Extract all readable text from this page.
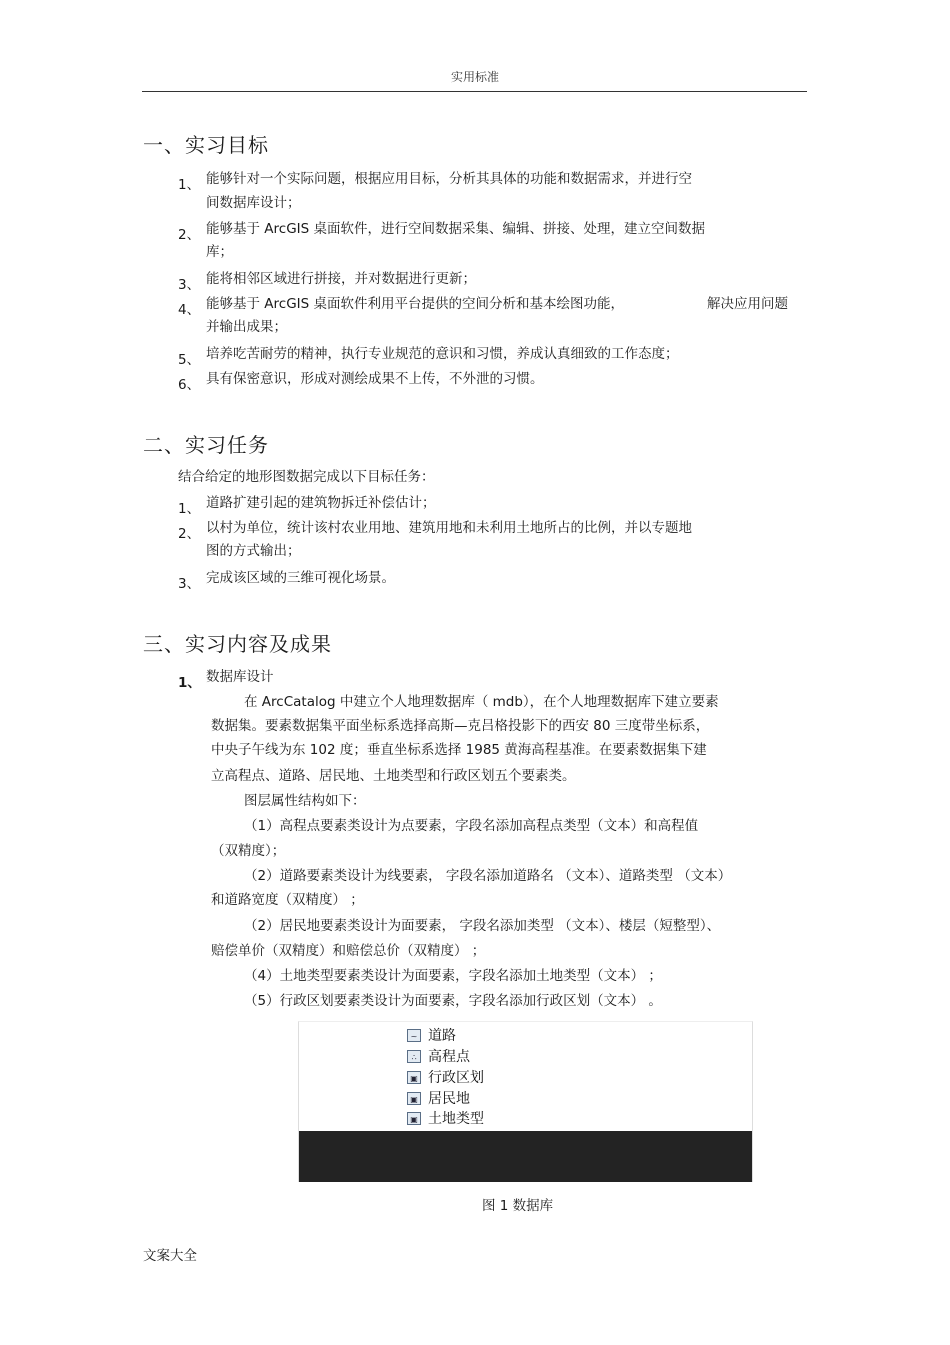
实用标准
一、实习目标
1、 能够针对一个实际问题，根据应用目标，分析其具体的功能和数据需求，并进行空
间数据库设计；
2、 能够基于 ArcGIS 桌面软件，进行空间数据采集、编辑、拼接、处理，建立空间数据
库；
3、 能将相邻区域进行拼接，并对数据进行更新；
4、 能够基于 ArcGIS 桌面软件利用平台提供的空间分析和基本绘图功能，	解决应用问题
并输出成果；
5、 培养吃苦耐劳的精神，执行专业规范的意识和习惯，养成认真细致的工作态度；
6、 具有保密意识，形成对测绘成果不上传，不外泄的习惯。
二、实习任务
结合给定的地形图数据完成以下目标任务：
1、 道路扩建引起的建筑物拆迁补偿估计；
2、 以村为单位，统计该村农业用地、建筑用地和未利用土地所占的比例，并以专题地
图的方式输出；
3、 完成该区域的三维可视化场景。
三、实习内容及成果
1、 数据库设计
在 ArcCatalog 中建立个人地理数据库（ mdb），在个人地理数据库下建立要素
数据集。要素数据集平面坐标系选择高斯—克吕格投影下的西安 80 三度带坐标系，
中央子午线为东 102 度；垂直坐标系选择 1985 黄海高程基准。在要素数据集下建
立高程点、道路、居民地、土地类型和行政区划五个要素类。
图层属性结构如下：
（1）高程点要素类设计为点要素，字段名添加高程点类型（文本）和高程值
（双精度）；
（2）道路要素类设计为线要素， 字段名添加道路名 （文本）、道路类型 （文本）
和道路宽度（双精度） ；
（2）居民地要素类设计为面要素， 字段名添加类型 （文本）、楼层（短整型）、
赔偿单价（双精度）和赔偿总价（双精度） ；
（4）土地类型要素类设计为面要素，字段名添加土地类型（文本） ；
（5）行政区划要素类设计为面要素，字段名添加行政区划（文本） 。
~ 道路
∴ 高程点
▣ 行政区划
▣ 居民地
▣ 土地类型
图 1 数据库
文案大全
